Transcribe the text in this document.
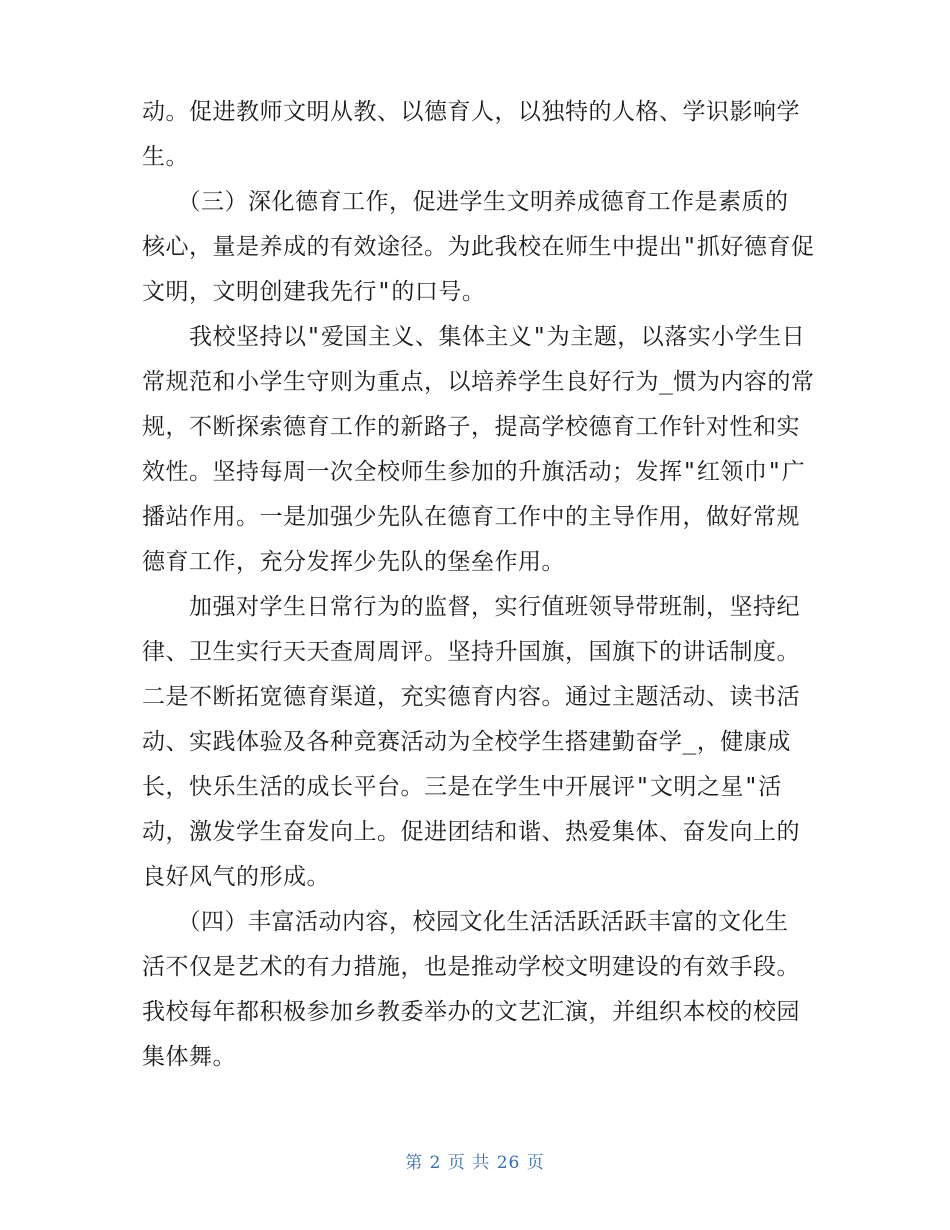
动。促进教师文明从教、以德育人，以独特的人格、学识影响学
生。
　　（三）深化德育工作，促进学生文明养成德育工作是素质的
核心，量是养成的有效途径。为此我校在师生中提出"抓好德育促
文明，文明创建我先行"的口号。
　　我校坚持以"爱国主义、集体主义"为主题，以落实小学生日
常规范和小学生守则为重点，以培养学生良好行为_惯为内容的常
规，不断探索德育工作的新路子，提高学校德育工作针对性和实
效性。坚持每周一次全校师生参加的升旗活动；发挥"红领巾"广
播站作用。一是加强少先队在德育工作中的主导作用，做好常规
德育工作，充分发挥少先队的堡垒作用。
　　加强对学生日常行为的监督，实行值班领导带班制，坚持纪
律、卫生实行天天查周周评。坚持升国旗，国旗下的讲话制度。
二是不断拓宽德育渠道，充实德育内容。通过主题活动、读书活
动、实践体验及各种竞赛活动为全校学生搭建勤奋学_，健康成
长，快乐生活的成长平台。三是在学生中开展评"文明之星"活
动，激发学生奋发向上。促进团结和谐、热爱集体、奋发向上的
良好风气的形成。
　　（四）丰富活动内容，校园文化生活活跃活跃丰富的文化生
活不仅是艺术的有力措施，也是推动学校文明建设的有效手段。
我校每年都积极参加乡教委举办的文艺汇演，并组织本校的校园
集体舞。
第 2 页 共 26 页
